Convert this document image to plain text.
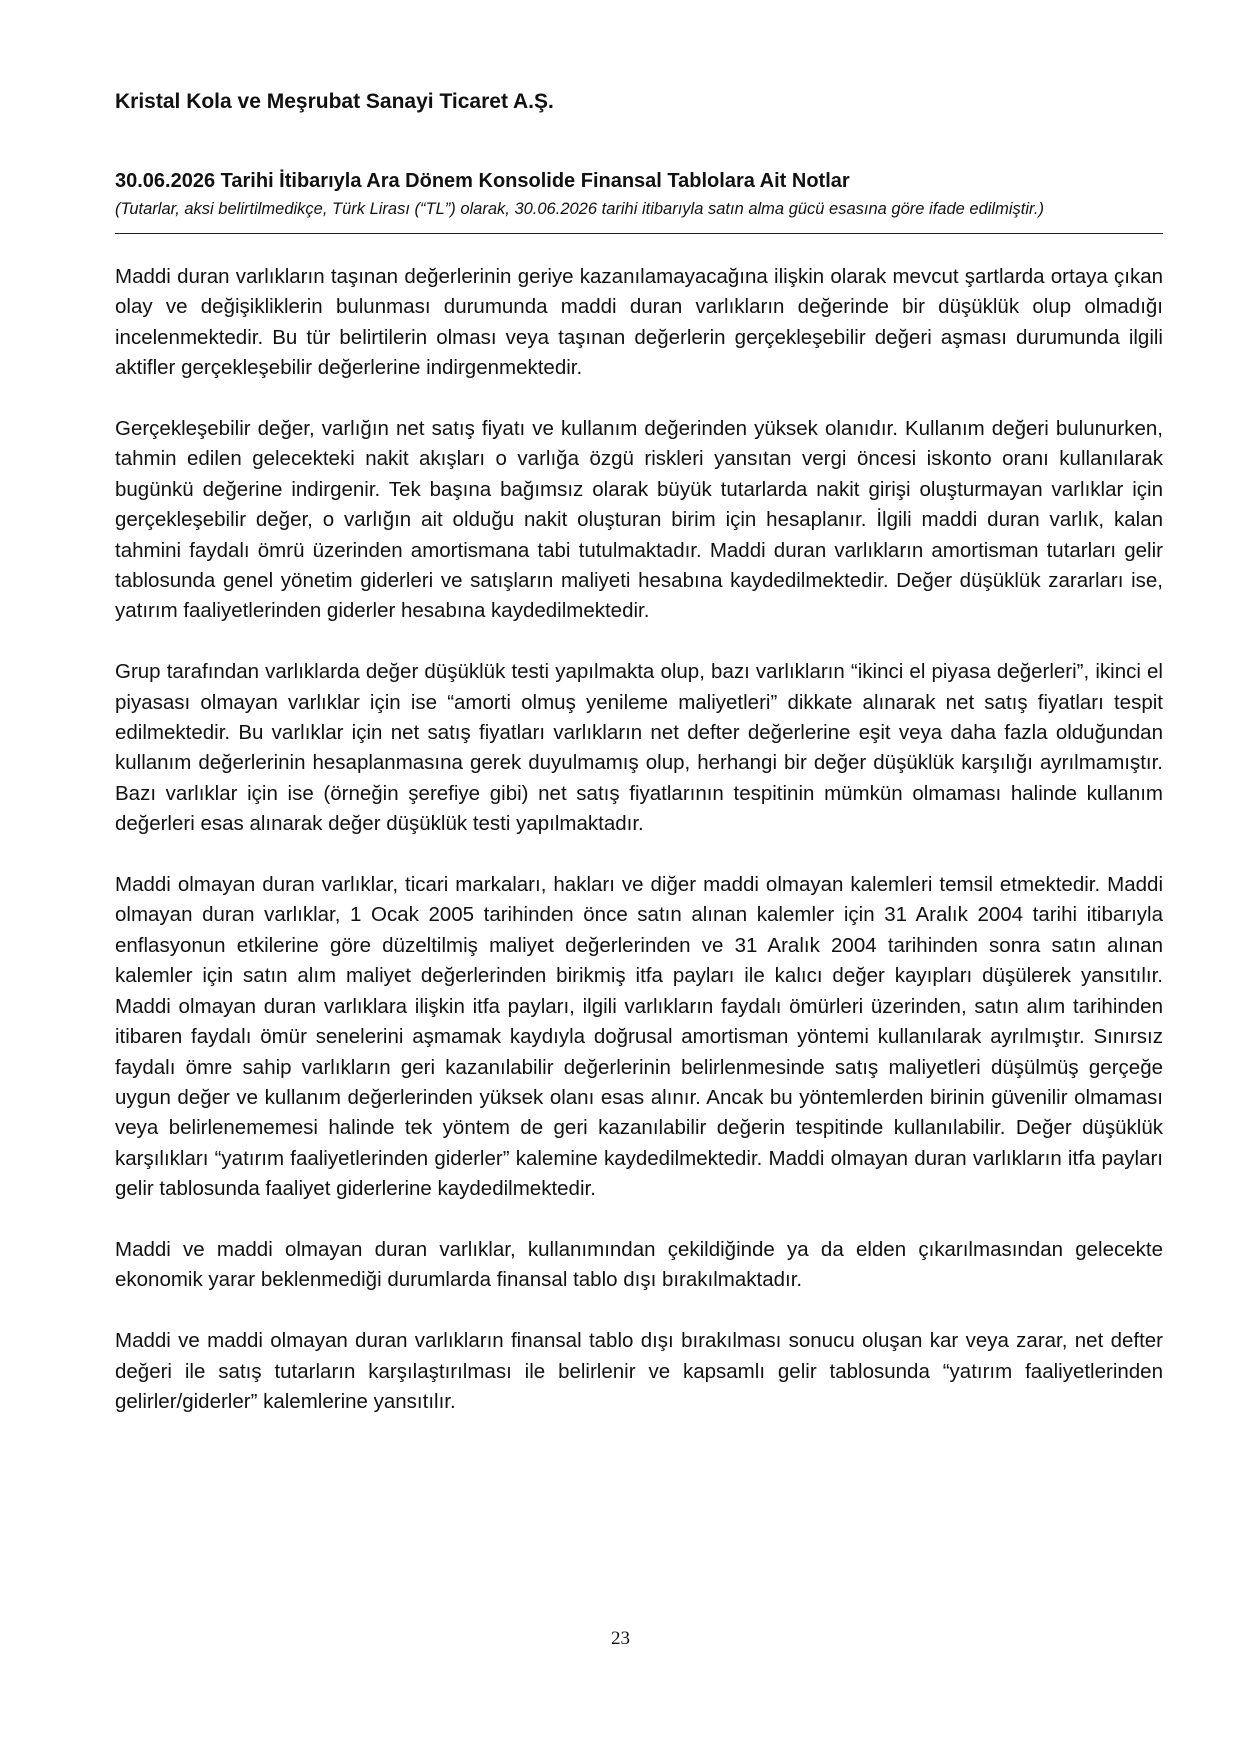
Kristal Kola ve Meşrubat Sanayi Ticaret A.Ş.

30.06.2026 Tarihi İtibarıyla Ara Dönem Konsolide Finansal Tablolara Ait Notlar

(Tutarlar, aksi belirtilmedikçe, Türk Lirası (“TL”) olarak, 30.06.2026 tarihi itibarıyla satın alma gücü esasına göre ifade edilmiştir.)

Maddi duran varlıkların taşınan değerlerinin geriye kazanılamayacağına ilişkin olarak mevcut şartlarda ortaya çıkan olay ve değişikliklerin bulunması durumunda maddi duran varlıkların değerinde bir düşüklük olup olmadığı incelenmektedir. Bu tür belirtilerin olması veya taşınan değerlerin gerçekleşebilir değeri aşması durumunda ilgili aktifler gerçekleşebilir değerlerine indirgenmektedir.

Gerçekleşebilir değer, varlığın net satış fiyatı ve kullanım değerinden yüksek olanıdır. Kullanım değeri bulunurken, tahmin edilen gelecekteki nakit akışları o varlığa özgü riskleri yansıtan vergi öncesi iskonto oranı kullanılarak bugünkü değerine indirgenir. Tek başına bağımsız olarak büyük tutarlarda nakit girişi oluşturmayan varlıklar için gerçekleşebilir değer, o varlığın ait olduğu nakit oluşturan birim için hesaplanır. İlgili maddi duran varlık, kalan tahmini faydalı ömrü üzerinden amortismana tabi tutulmaktadır. Maddi duran varlıkların amortisman tutarları gelir tablosunda genel yönetim giderleri ve satışların maliyeti hesabına kaydedilmektedir. Değer düşüklük zararları ise, yatırım faaliyetlerinden giderler hesabına kaydedilmektedir.

Grup tarafından varlıklarda değer düşüklük testi yapılmakta olup, bazı varlıkların “ikinci el piyasa değerleri”, ikinci el piyasası olmayan varlıklar için ise “amorti olmuş yenileme maliyetleri” dikkate alınarak net satış fiyatları tespit edilmektedir. Bu varlıklar için net satış fiyatları varlıkların net defter değerlerine eşit veya daha fazla olduğundan kullanım değerlerinin hesaplanmasına gerek duyulmamış olup, herhangi bir değer düşüklük karşılığı ayrılmamıştır. Bazı varlıklar için ise (örneğin şerefiye gibi) net satış fiyatlarının tespitinin mümkün olmaması halinde kullanım değerleri esas alınarak değer düşüklük testi yapılmaktadır.

Maddi olmayan duran varlıklar, ticari markaları, hakları ve diğer maddi olmayan kalemleri temsil etmektedir. Maddi olmayan duran varlıklar, 1 Ocak 2005 tarihinden önce satın alınan kalemler için 31 Aralık 2004 tarihi itibarıyla enflasyonun etkilerine göre düzeltilmiş maliyet değerlerinden ve 31 Aralık 2004 tarihinden sonra satın alınan kalemler için satın alım maliyet değerlerinden birikmiş itfa payları ile kalıcı değer kayıpları düşülerek yansıtılır. Maddi olmayan duran varlıklara ilişkin itfa payları, ilgili varlıkların faydalı ömürleri üzerinden, satın alım tarihinden itibaren faydalı ömür senelerini aşmamak kaydıyla doğrusal amortisman yöntemi kullanılarak ayrılmıştır. Sınırsız faydalı ömre sahip varlıkların geri kazanılabilir değerlerinin belirlenmesinde satış maliyetleri düşülmüş gerçeğe uygun değer ve kullanım değerlerinden yüksek olanı esas alınır. Ancak bu yöntemlerden birinin güvenilir olmaması veya belirlenememesi halinde tek yöntem de geri kazanılabilir değerin tespitinde kullanılabilir. Değer düşüklük karşılıkları “yatırım faaliyetlerinden giderler” kalemine kaydedilmektedir. Maddi olmayan duran varlıkların itfa payları gelir tablosunda faaliyet giderlerine kaydedilmektedir.

Maddi ve maddi olmayan duran varlıklar, kullanımından çekildiğinde ya da elden çıkarılmasından gelecekte ekonomik yarar beklenmediği durumlarda finansal tablo dışı bırakılmaktadır.

Maddi ve maddi olmayan duran varlıkların finansal tablo dışı bırakılması sonucu oluşan kar veya zarar, net defter değeri ile satış tutarların karşılaştırılması ile belirlenir ve kapsamlı gelir tablosunda “yatırım faaliyetlerinden gelirler/giderler” kalemlerine yansıtılır.

23
